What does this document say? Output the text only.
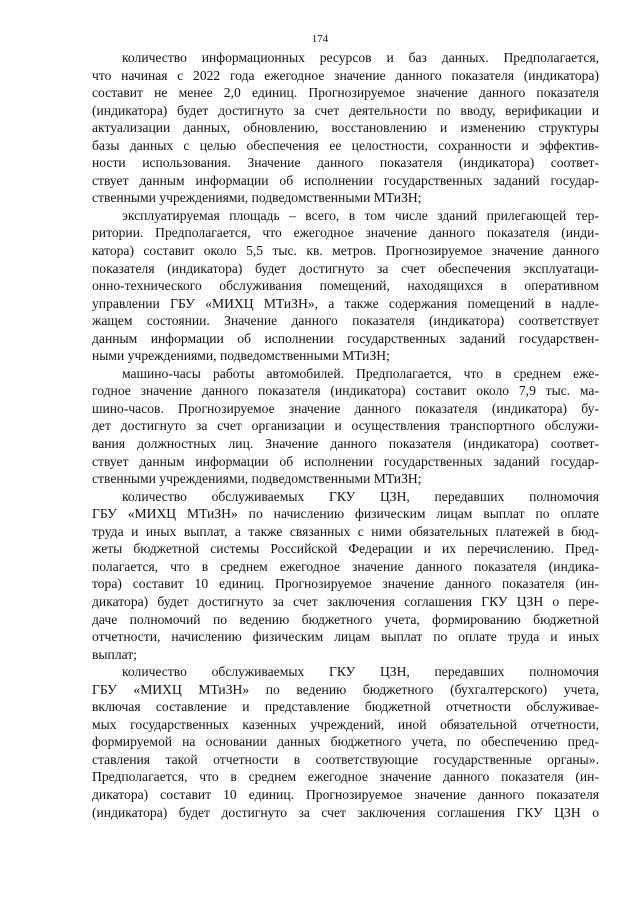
174
количество информационных ресурсов и баз данных. Предполагается,
что начиная с 2022 года ежегодное значение данного показателя (индикатора)
составит не менее 2,0 единиц. Прогнозируемое значение данного показателя
(индикатора) будет достигнуто за счет деятельности по вводу, верификации и
актуализации данных, обновлению, восстановлению и изменению структуры
базы данных с целью обеспечения ее целостности, сохранности и эффектив-
ности использования. Значение данного показателя (индикатора) соответ-
ствует данным информации об исполнении государственных заданий государ-
ственными учреждениями, подведомственными МТиЗН;
эксплуатируемая площадь – всего, в том числе зданий прилегающей тер-
ритории. Предполагается, что ежегодное значение данного показателя (инди-
катора) составит около 5,5 тыс. кв. метров. Прогнозируемое значение данного
показателя (индикатора) будет достигнуто за счет обеспечения эксплуатаци-
онно-технического обслуживания помещений, находящихся в оперативном
управлении ГБУ «МИХЦ МТиЗН», а также содержания помещений в надле-
жащем состоянии. Значение данного показателя (индикатора) соответствует
данным информации об исполнении государственных заданий государствен-
ными учреждениями, подведомственными МТиЗН;
машино-часы работы автомобилей. Предполагается, что в среднем еже-
годное значение данного показателя (индикатора) составит около 7,9 тыс. ма-
шино-часов. Прогнозируемое значение данного показателя (индикатора) бу-
дет достигнуто за счет организации и осуществления транспортного обслужи-
вания должностных лиц. Значение данного показателя (индикатора) соответ-
ствует данным информации об исполнении государственных заданий государ-
ственными учреждениями, подведомственными МТиЗН;
количество обслуживаемых ГКУ ЦЗН, передавших полномочия
ГБУ «МИХЦ МТиЗН» по начислению физическим лицам выплат по оплате
труда и иных выплат, а также связанных с ними обязательных платежей в бюд-
жеты бюджетной системы Российской Федерации и их перечислению. Пред-
полагается, что в среднем ежегодное значение данного показателя (индика-
тора) составит 10 единиц. Прогнозируемое значение данного показателя (ин-
дикатора) будет достигнуто за счет заключения соглашения ГКУ ЦЗН о пере-
даче полномочий по ведению бюджетного учета, формированию бюджетной
отчетности, начислению физическим лицам выплат по оплате труда и иных
выплат;
количество обслуживаемых ГКУ ЦЗН, передавших полномочия
ГБУ «МИХЦ МТиЗН» по ведению бюджетного (бухгалтерского) учета,
включая составление и представление бюджетной отчетности обслуживае-
мых государственных казенных учреждений, иной обязательной отчетности,
формируемой на основании данных бюджетного учета, по обеспечению пред-
ставления такой отчетности в соответствующие государственные органы».
Предполагается, что в среднем ежегодное значение данного показателя (ин-
дикатора) составит 10 единиц. Прогнозируемое значение данного показателя
(индикатора) будет достигнуто за счет заключения соглашения ГКУ ЦЗН о
